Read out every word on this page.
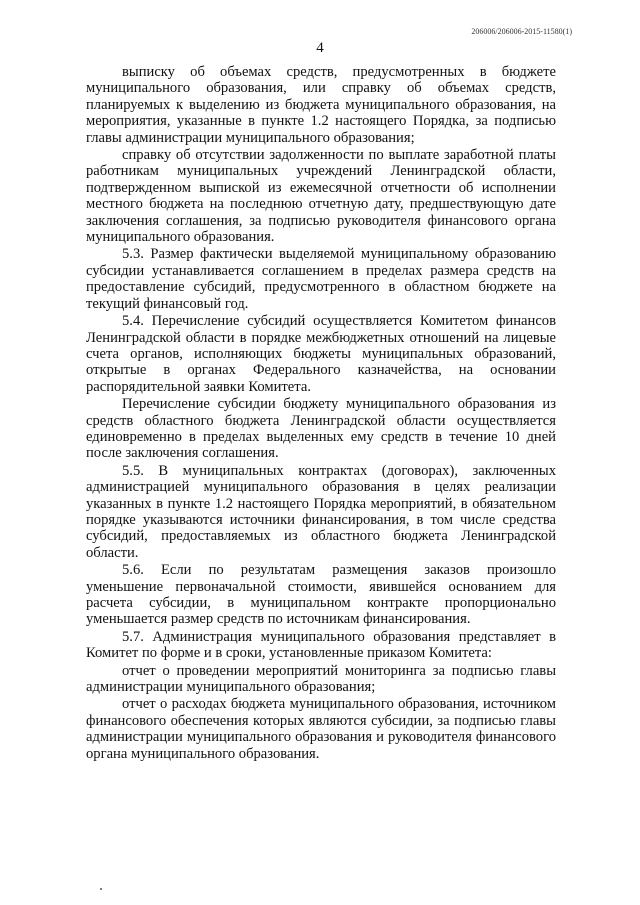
206006/206006-2015-11580(1)
4

выписку об объемах средств, предусмотренных в бюджете муниципального образования, или справку об объемах средств, планируемых к выделению из бюджета муниципального образования, на мероприятия, указанные в пункте 1.2 настоящего Порядка, за подписью главы администрации муниципального образования;

справку об отсутствии задолженности по выплате заработной платы работникам муниципальных учреждений Ленинградской области, подтвержденном выпиской из ежемесячной отчетности об исполнении местного бюджета на последнюю отчетную дату, предшествующую дате заключения соглашения, за подписью руководителя финансового органа муниципального образования.

5.3. Размер фактически выделяемой муниципальному образованию субсидии устанавливается соглашением в пределах размера средств на предоставление субсидий, предусмотренного в областном бюджете на текущий финансовый год.

5.4. Перечисление субсидий осуществляется Комитетом финансов Ленинградской области в порядке межбюджетных отношений на лицевые счета органов, исполняющих бюджеты муниципальных образований, открытые в органах Федерального казначейства, на основании распорядительной заявки Комитета.

Перечисление субсидии бюджету муниципального образования из средств областного бюджета Ленинградской области осуществляется единовременно в пределах выделенных ему средств в течение 10 дней после заключения соглашения.

5.5. В муниципальных контрактах (договорах), заключенных администрацией муниципального образования в целях реализации указанных в пункте 1.2 настоящего Порядка мероприятий, в обязательном порядке указываются источники финансирования, в том числе средства субсидий, предоставляемых из областного бюджета Ленинградской области.

5.6. Если по результатам размещения заказов произошло уменьшение первоначальной стоимости, явившейся основанием для расчета субсидии, в муниципальном контракте пропорционально уменьшается размер средств по источникам финансирования.

5.7. Администрация муниципального образования представляет в Комитет по форме и в сроки, установленные приказом Комитета:

отчет о проведении мероприятий мониторинга за подписью главы администрации муниципального образования;

отчет о расходах бюджета муниципального образования, источником финансового обеспечения которых являются субсидии, за подписью главы администрации муниципального образования и руководителя финансового органа муниципального образования.
